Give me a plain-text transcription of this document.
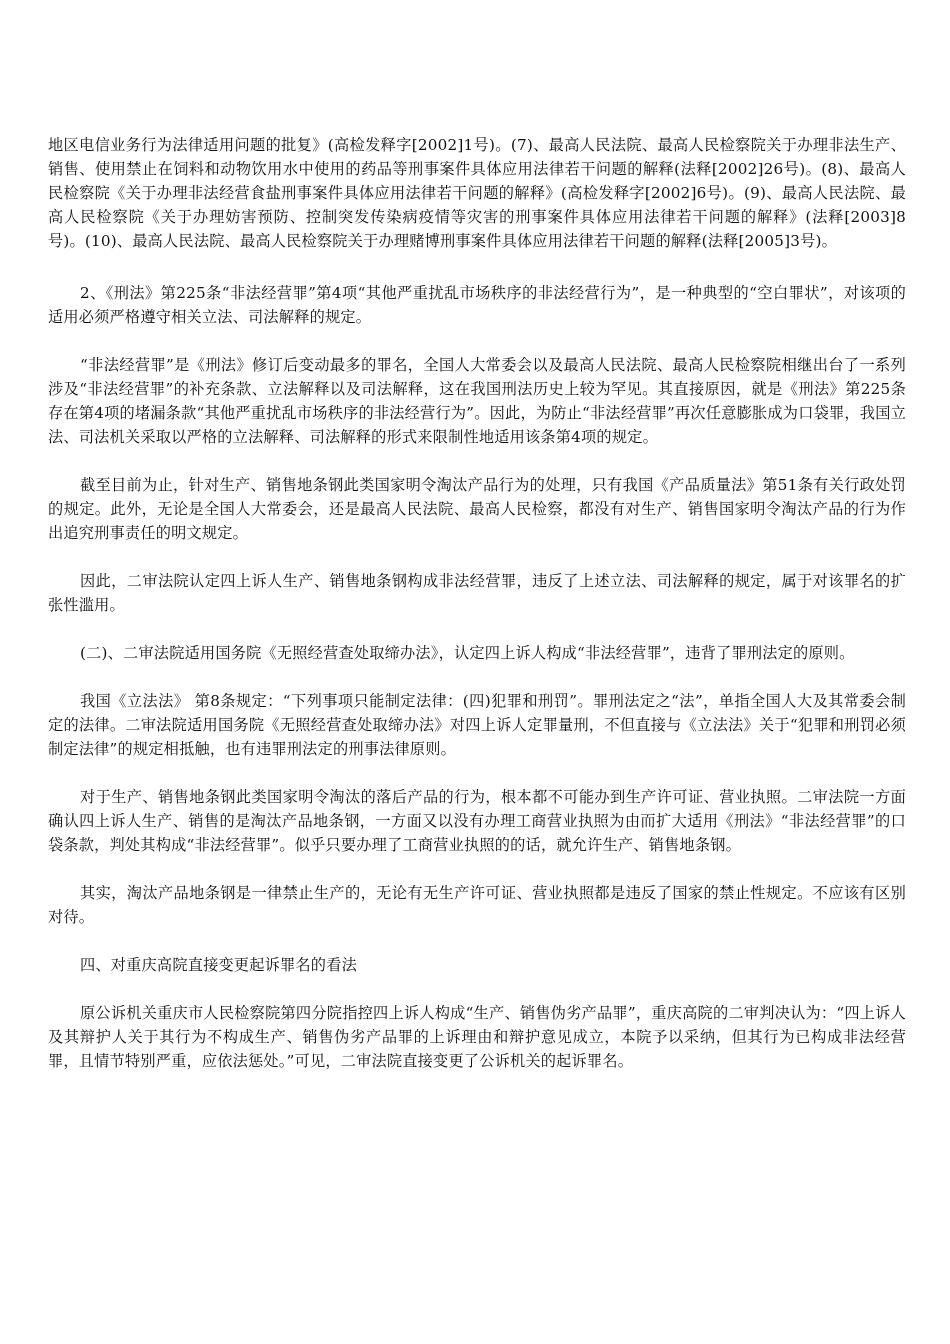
地区电信业务行为法律适用问题的批复》(高检发释字[2002]1号)。(7)、最高人民法院、最高人民检察院关于办理非法生产、销售、使用禁止在饲料和动物饮用水中使用的药品等刑事案件具体应用法律若干问题的解释(法释[2002]26号)。(8)、最高人民检察院《关于办理非法经营食盐刑事案件具体应用法律若干问题的解释》(高检发释字[2002]6号)。(9)、最高人民法院、最高人民检察院《关于办理妨害预防、控制突发传染病疫情等灾害的刑事案件具体应用法律若干问题的解释》(法释[2003]8号)。(10)、最高人民法院、最高人民检察院关于办理赌博刑事案件具体应用法律若干问题的解释(法释[2005]3号)。

2、《刑法》第225条“非法经营罪”第4项“其他严重扰乱市场秩序的非法经营行为”，是一种典型的“空白罪状”，对该项的适用必须严格遵守相关立法、司法解释的规定。

“非法经营罪”是《刑法》修订后变动最多的罪名，全国人大常委会以及最高人民法院、最高人民检察院相继出台了一系列涉及“非法经营罪”的补充条款、立法解释以及司法解释，这在我国刑法历史上较为罕见。其直接原因，就是《刑法》第225条存在第4项的堵漏条款“其他严重扰乱市场秩序的非法经营行为”。因此，为防止“非法经营罪”再次任意膨胀成为口袋罪，我国立法、司法机关采取以严格的立法解释、司法解释的形式来限制性地适用该条第4项的规定。

截至目前为止，针对生产、销售地条钢此类国家明令淘汰产品行为的处理，只有我国《产品质量法》第51条有关行政处罚的规定。此外，无论是全国人大常委会，还是最高人民法院、最高人民检察，都没有对生产、销售国家明令淘汰产品的行为作出追究刑事责任的明文规定。

因此，二审法院认定四上诉人生产、销售地条钢构成非法经营罪，违反了上述立法、司法解释的规定，属于对该罪名的扩张性滥用。

(二)、二审法院适用国务院《无照经营查处取缔办法》，认定四上诉人构成“非法经营罪”，违背了罪刑法定的原则。

我国《立法法》 第8条规定：“下列事项只能制定法律：(四)犯罪和刑罚”。罪刑法定之“法”，单指全国人大及其常委会制定的法律。二审法院适用国务院《无照经营查处取缔办法》对四上诉人定罪量刑，不但直接与《立法法》关于“犯罪和刑罚必须制定法律”的规定相抵触，也有违罪刑法定的刑事法律原则。

对于生产、销售地条钢此类国家明令淘汰的落后产品的行为，根本都不可能办到生产许可证、营业执照。二审法院一方面确认四上诉人生产、销售的是淘汰产品地条钢，一方面又以没有办理工商营业执照为由而扩大适用《刑法》“非法经营罪”的口袋条款，判处其构成“非法经营罪”。似乎只要办理了工商营业执照的的话，就允许生产、销售地条钢。

其实，淘汰产品地条钢是一律禁止生产的，无论有无生产许可证、营业执照都是违反了国家的禁止性规定。不应该有区别对待。

四、对重庆高院直接变更起诉罪名的看法

原公诉机关重庆市人民检察院第四分院指控四上诉人构成“生产、销售伪劣产品罪”，重庆高院的二审判决认为：“四上诉人及其辩护人关于其行为不构成生产、销售伪劣产品罪的上诉理由和辩护意见成立，本院予以采纳，但其行为已构成非法经营罪，且情节特别严重，应依法惩处。”可见，二审法院直接变更了公诉机关的起诉罪名。
